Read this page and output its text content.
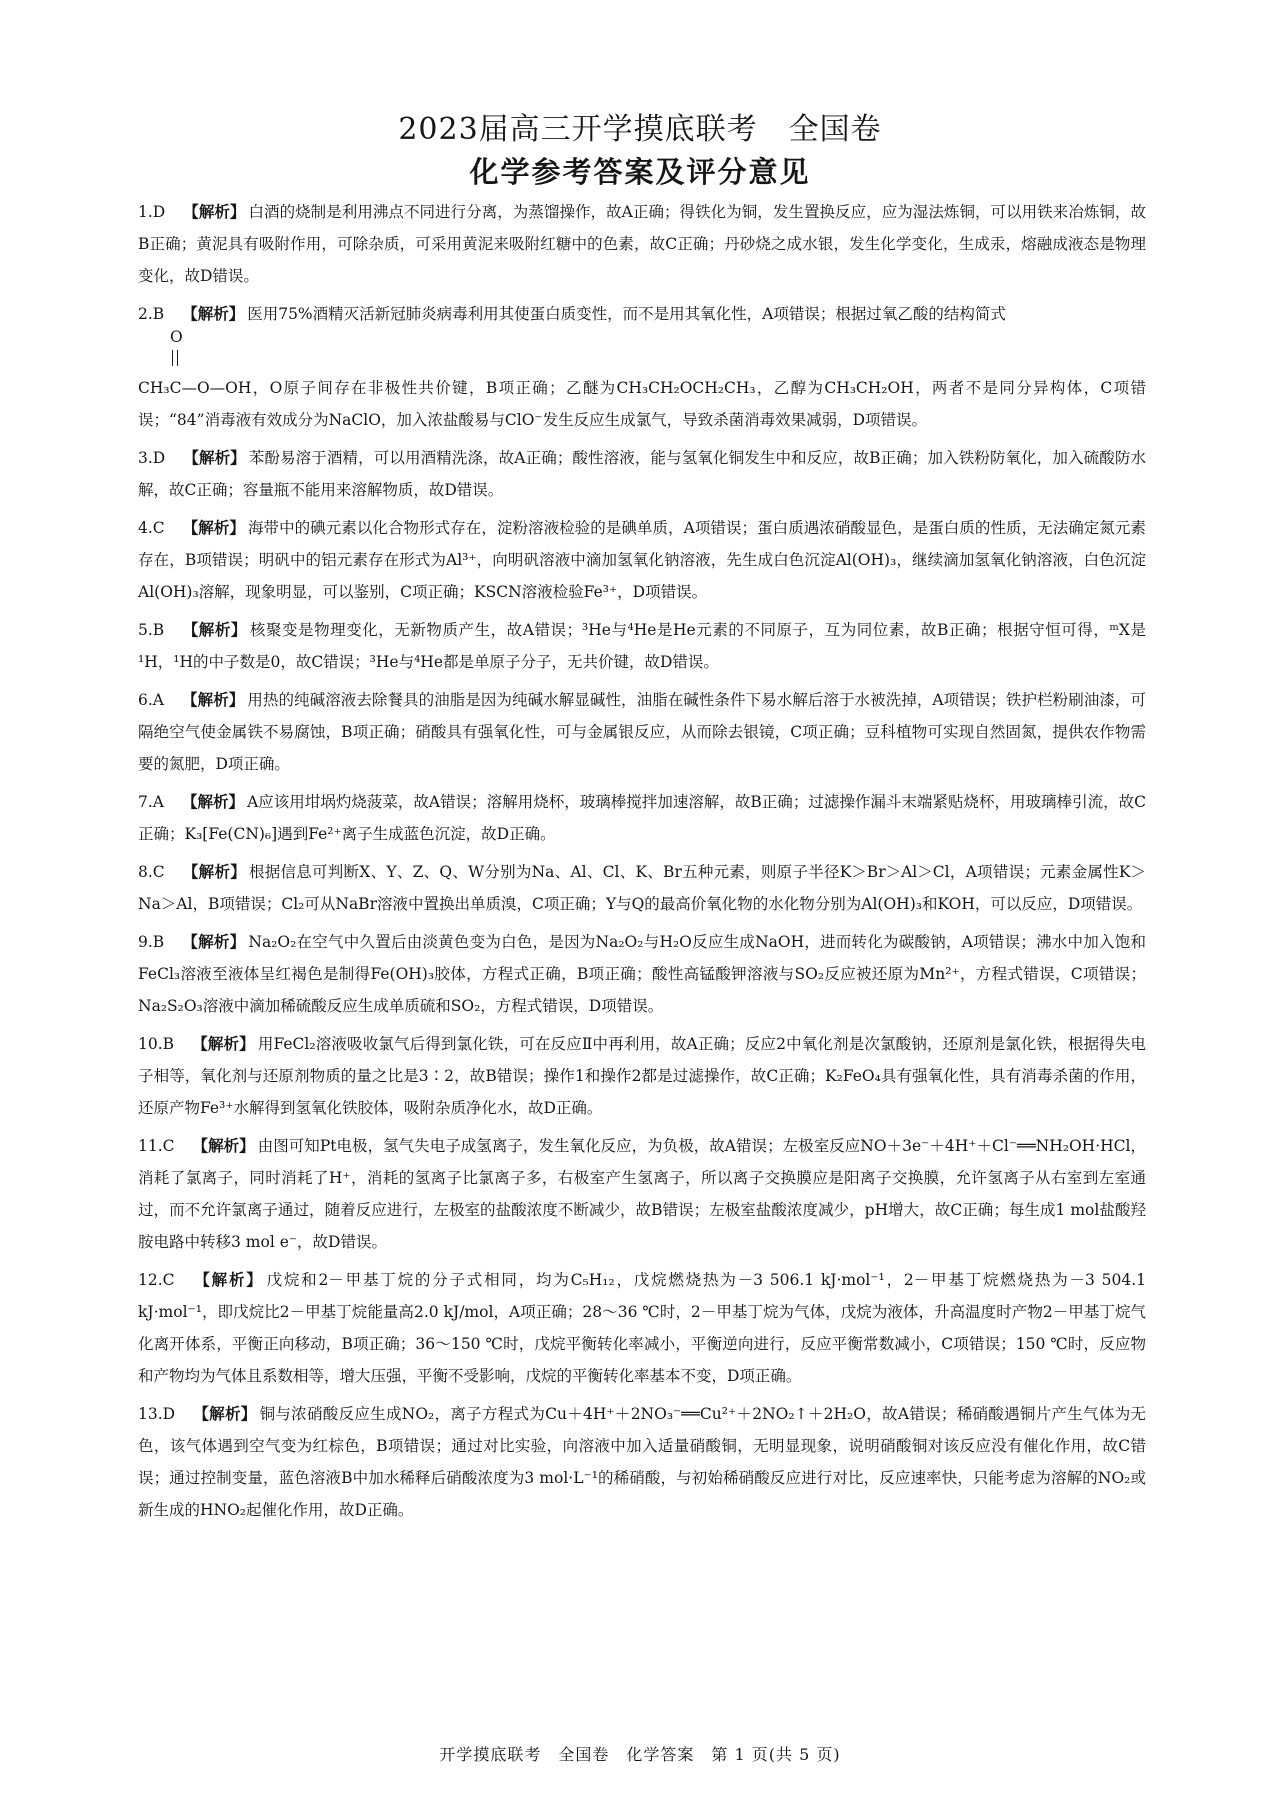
2023届高三开学摸底联考　全国卷
化学参考答案及评分意见

1.D 【解析】 白酒的烧制是利用沸点不同进行分离，为蒸馏操作，故A正确；得铁化为铜，发生置换反应，应为湿法炼铜，可以用铁来冶炼铜，故B正确；黄泥具有吸附作用，可除杂质，可采用黄泥来吸附红糖中的色素，故C正确；丹砂烧之成水银，发生化学变化，生成汞，熔融成液态是物理变化，故D错误。

2.B 【解析】 医用75%酒精灭活新冠肺炎病毒利用其使蛋白质变性，而不是用其氧化性，A项错误；根据过氧乙酸的结构简式

O

CH₃C—O—OH，O原子间存在非极性共价键，B项正确；乙醚为CH₃CH₂OCH₂CH₃，乙醇为CH₃CH₂OH，两者不是同分异构体，C项错误；“84”消毒液有效成分为NaClO，加入浓盐酸易与ClO⁻发生反应生成氯气，导致杀菌消毒效果减弱，D项错误。

3.D 【解析】 苯酚易溶于酒精，可以用酒精洗涤，故A正确；酸性溶液，能与氢氧化铜发生中和反应，故B正确；加入铁粉防氧化，加入硫酸防水解，故C正确；容量瓶不能用来溶解物质，故D错误。

4.C 【解析】 海带中的碘元素以化合物形式存在，淀粉溶液检验的是碘单质，A项错误；蛋白质遇浓硝酸显色，是蛋白质的性质，无法确定氮元素存在，B项错误；明矾中的铝元素存在形式为Al³⁺，向明矾溶液中滴加氢氧化钠溶液，先生成白色沉淀Al(OH)₃，继续滴加氢氧化钠溶液，白色沉淀Al(OH)₃溶解，现象明显，可以鉴别，C项正确；KSCN溶液检验Fe³⁺，D项错误。

5.B 【解析】 核聚变是物理变化，无新物质产生，故A错误；³He与⁴He是He元素的不同原子，互为同位素，故B正确；根据守恒可得，ᵐX是¹H，¹H的中子数是0，故C错误；³He与⁴He都是单原子分子，无共价键，故D错误。

6.A 【解析】 用热的纯碱溶液去除餐具的油脂是因为纯碱水解显碱性，油脂在碱性条件下易水解后溶于水被洗掉，A项错误；铁护栏粉刷油漆，可隔绝空气使金属铁不易腐蚀，B项正确；硝酸具有强氧化性，可与金属银反应，从而除去银镜，C项正确；豆科植物可实现自然固氮，提供农作物需要的氮肥，D项正确。

7.A 【解析】 A应该用坩埚灼烧菠菜，故A错误；溶解用烧杯，玻璃棒搅拌加速溶解，故B正确；过滤操作漏斗末端紧贴烧杯，用玻璃棒引流，故C正确；K₃[Fe(CN)₆]遇到Fe²⁺离子生成蓝色沉淀，故D正确。

8.C 【解析】 根据信息可判断X、Y、Z、Q、W分别为Na、Al、Cl、K、Br五种元素，则原子半径K＞Br＞Al＞Cl，A项错误；元素金属性K＞Na＞Al，B项错误；Cl₂可从NaBr溶液中置换出单质溴，C项正确；Y与Q的最高价氧化物的水化物分别为Al(OH)₃和KOH，可以反应，D项错误。

9.B 【解析】 Na₂O₂在空气中久置后由淡黄色变为白色，是因为Na₂O₂与H₂O反应生成NaOH，进而转化为碳酸钠，A项错误；沸水中加入饱和FeCl₃溶液至液体呈红褐色是制得Fe(OH)₃胶体，方程式正确，B项正确；酸性高锰酸钾溶液与SO₂反应被还原为Mn²⁺，方程式错误，C项错误；Na₂S₂O₃溶液中滴加稀硫酸反应生成单质硫和SO₂，方程式错误，D项错误。

10.B 【解析】 用FeCl₂溶液吸收氯气后得到氯化铁，可在反应Ⅱ中再利用，故A正确；反应2中氧化剂是次氯酸钠，还原剂是氯化铁，根据得失电子相等，氧化剂与还原剂物质的量之比是3∶2，故B错误；操作1和操作2都是过滤操作，故C正确；K₂FeO₄具有强氧化性，具有消毒杀菌的作用，还原产物Fe³⁺水解得到氢氧化铁胶体，吸附杂质净化水，故D正确。

11.C 【解析】 由图可知Pt电极，氢气失电子成氢离子，发生氧化反应，为负极，故A错误；左极室反应NO＋3e⁻＋4H⁺＋Cl⁻══NH₂OH·HCl，消耗了氯离子，同时消耗了H⁺，消耗的氢离子比氯离子多，右极室产生氢离子，所以离子交换膜应是阳离子交换膜，允许氢离子从右室到左室通过，而不允许氯离子通过，随着反应进行，左极室的盐酸浓度不断减少，故B错误；左极室盐酸浓度减少，pH增大，故C正确；每生成1 mol盐酸羟胺电路中转移3 mol e⁻，故D错误。

12.C 【解析】 戊烷和2－甲基丁烷的分子式相同，均为C₅H₁₂，戊烷燃烧热为－3 506.1 kJ·mol⁻¹，2－甲基丁烷燃烧热为－3 504.1 kJ·mol⁻¹，即戊烷比2－甲基丁烷能量高2.0 kJ/mol，A项正确；28～36 ℃时，2－甲基丁烷为气体，戊烷为液体，升高温度时产物2－甲基丁烷气化离开体系，平衡正向移动，B项正确；36～150 ℃时，戊烷平衡转化率减小，平衡逆向进行，反应平衡常数减小，C项错误；150 ℃时，反应物和产物均为气体且系数相等，增大压强，平衡不受影响，戊烷的平衡转化率基本不变，D项正确。

13.D 【解析】 铜与浓硝酸反应生成NO₂，离子方程式为Cu＋4H⁺＋2NO₃⁻══Cu²⁺＋2NO₂↑＋2H₂O，故A错误；稀硝酸遇铜片产生气体为无色，该气体遇到空气变为红棕色，B项错误；通过对比实验，向溶液中加入适量硝酸铜，无明显现象，说明硝酸铜对该反应没有催化作用，故C错误；通过控制变量，蓝色溶液B中加水稀释后硝酸浓度为3 mol·L⁻¹的稀硝酸，与初始稀硝酸反应进行对比，反应速率快，只能考虑为溶解的NO₂或新生成的HNO₂起催化作用，故D正确。

开学摸底联考　全国卷　化学答案　第 1 页(共 5 页)
